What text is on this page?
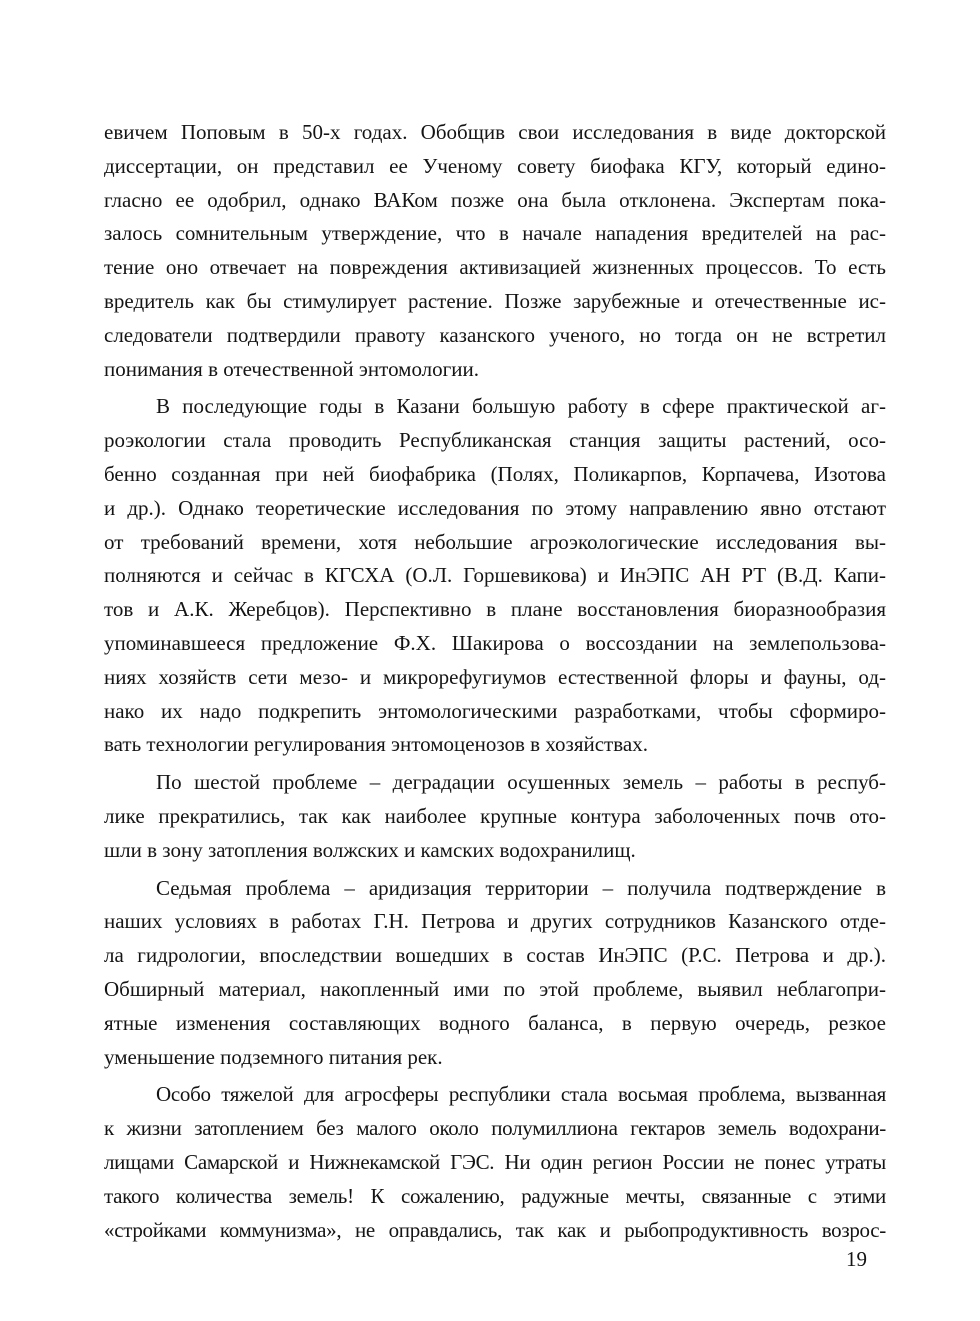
евичем Поповым в 50-х годах. Обобщив свои исследования в виде докторской
диссертации, он представил ее Ученому совету биофака КГУ, который едино-
гласно ее одобрил, однако ВАКом позже она была отклонена. Экспертам пока-
залось сомнительным утверждение, что в начале нападения вредителей на рас-
тение оно отвечает на повреждения активизацией жизненных процессов. То есть
вредитель как бы стимулирует растение. Позже зарубежные и отечественные ис-
следователи подтвердили правоту казанского ученого, но тогда он не встретил
понимания в отечественной энтомологии.
В последующие годы в Казани большую работу в сфере практической аг-
роэкологии стала проводить Республиканская станция защиты растений, осо-
бенно созданная при ней биофабрика (Полях, Поликарпов, Корпачева, Изотова
и др.). Однако теоретические исследования по этому направлению явно отстают
от требований времени, хотя небольшие агроэкологические исследования вы-
полняются и сейчас в КГСХА (О.Л. Горшевикова) и ИнЭПС АН РТ (В.Д. Капи-
тов и А.К. Жеребцов). Перспективно в плане восстановления биоразнообразия
упоминавшееся предложение Ф.Х. Шакирова о воссоздании на землепользова-
ниях хозяйств сети мезо- и микрорефугиумов естественной флоры и фауны, од-
нако их надо подкрепить энтомологическими разработками, чтобы сформиро-
вать технологии регулирования энтомоценозов в хозяйствах.
По шестой проблеме – деградации осушенных земель – работы в респуб-
лике прекратились, так как наиболее крупные контура заболоченных почв ото-
шли в зону затопления волжских и камских водохранилищ.
Седьмая проблема – аридизация территории – получила подтверждение в
наших условиях в работах Г.Н. Петрова и других сотрудников Казанского отде-
ла гидрологии, впоследствии вошедших в состав ИнЭПС (Р.С. Петрова и др.).
Обширный материал, накопленный ими по этой проблеме, выявил неблагопри-
ятные изменения составляющих водного баланса, в первую очередь, резкое
уменьшение подземного питания рек.
Особо тяжелой для агросферы республики стала восьмая проблема, вызванная
к жизни затоплением без малого около полумиллиона гектаров земель водохрани-
лищами Самарской и Нижнекамской ГЭС. Ни один регион России не понес утраты
такого количества земель! К сожалению, радужные мечты, связанные с этими
«стройками коммунизма», не оправдались, так как и рыбопродуктивность возрос-
19
